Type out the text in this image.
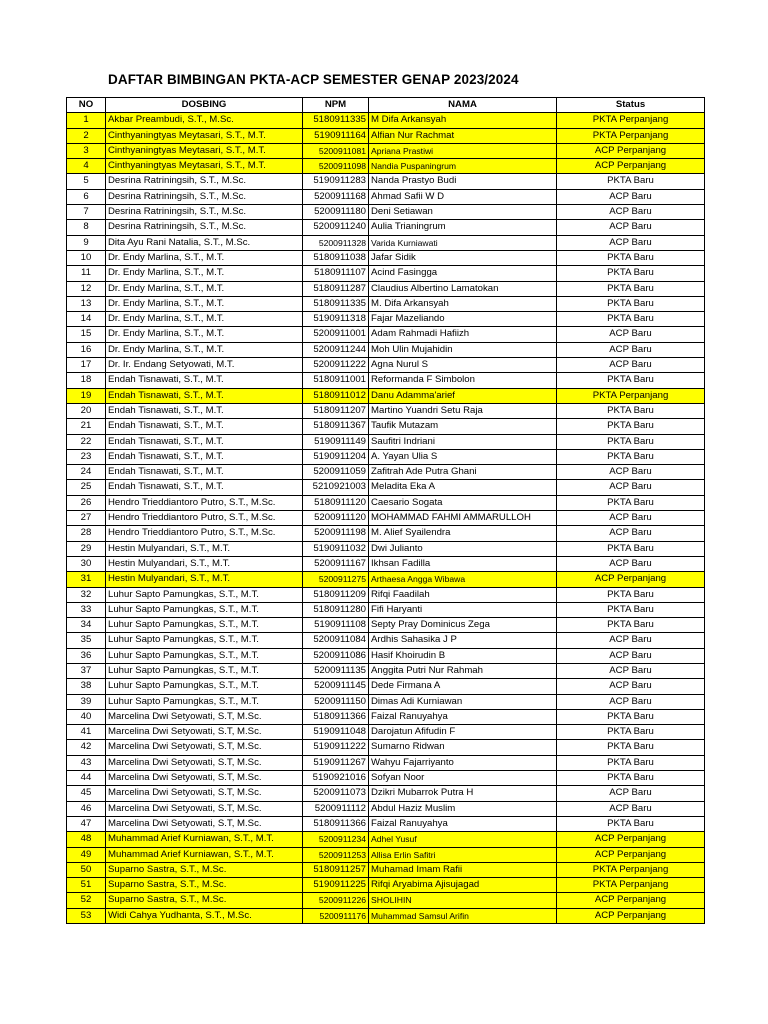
DAFTAR BIMBINGAN PKTA-ACP SEMESTER GENAP 2023/2024
NO	DOSBING	NPM	NAMA	Status
1	Akbar Preambudi, S.T., M.Sc.	5180911335	M Difa Arkansyah	PKTA Perpanjang
2	Cinthyaningtyas Meytasari, S.T., M.T.	5190911164	Alfian Nur Rachmat	PKTA Perpanjang
3	Cinthyaningtyas Meytasari, S.T., M.T.	5200911081	Apriana Prastiwi	ACP Perpanjang
4	Cinthyaningtyas Meytasari, S.T., M.T.	5200911098	Nandia Puspaningrum	ACP Perpanjang
5	Desrina Ratriningsih, S.T., M.Sc.	5190911283	Nanda Prastyo Budi	PKTA Baru
6	Desrina Ratriningsih, S.T., M.Sc.	5200911168	Ahmad Safii W D	ACP Baru
7	Desrina Ratriningsih, S.T., M.Sc.	5200911180	Deni Setiawan	ACP Baru
8	Desrina Ratriningsih, S.T., M.Sc.	5200911240	Aulia Trianingrum	ACP Baru
9	Dita Ayu Rani Natalia, S.T., M.Sc.	5200911328	Varida Kurniawati	ACP Baru
10	Dr. Endy Marlina, S.T., M.T.	5180911038	Jafar Sidik	PKTA Baru
11	Dr. Endy Marlina, S.T., M.T.	5180911107	Acind Fasingga	PKTA Baru
12	Dr. Endy Marlina, S.T., M.T.	5180911287	Claudius Albertino Lamatokan	PKTA Baru
13	Dr. Endy Marlina, S.T., M.T.	5180911335	M. Difa Arkansyah	PKTA Baru
14	Dr. Endy Marlina, S.T., M.T.	5190911318	Fajar Mazeliando	PKTA Baru
15	Dr. Endy Marlina, S.T., M.T.	5200911001	Adam Rahmadi Hafiizh	ACP Baru
16	Dr. Endy Marlina, S.T., M.T.	5200911244	Moh Ulin Mujahidin	ACP Baru
17	Dr. Ir. Endang Setyowati, M.T.	5200911222	Agna Nurul S	ACP Baru
18	Endah Tisnawati, S.T., M.T.	5180911001	Reformanda F Simbolon	PKTA Baru
19	Endah Tisnawati, S.T., M.T.	5180911012	Danu Adamma'arief	PKTA Perpanjang
20	Endah Tisnawati, S.T., M.T.	5180911207	Martino Yuandri Setu Raja	PKTA Baru
21	Endah Tisnawati, S.T., M.T.	5180911367	Taufik Mutazam	PKTA Baru
22	Endah Tisnawati, S.T., M.T.	5190911149	Saufitri Indriani	PKTA Baru
23	Endah Tisnawati, S.T., M.T.	5190911204	A. Yayan Ulia S	PKTA Baru
24	Endah Tisnawati, S.T., M.T.	5200911059	Zafitrah Ade Putra Ghani	ACP Baru
25	Endah Tisnawati, S.T., M.T.	5210921003	Meladita Eka A	ACP Baru
26	Hendro Trieddiantoro Putro, S.T., M.Sc.	5180911120	Caesario Sogata	PKTA Baru
27	Hendro Trieddiantoro Putro, S.T., M.Sc.	5200911120	MOHAMMAD FAHMI AMMARULLOH	ACP Baru
28	Hendro Trieddiantoro Putro, S.T., M.Sc.	5200911198	M. Alief Syailendra	ACP Baru
29	Hestin Mulyandari, S.T., M.T.	5190911032	Dwi Julianto	PKTA Baru
30	Hestin Mulyandari, S.T., M.T.	5200911167	Ikhsan Fadilla	ACP Baru
31	Hestin Mulyandari, S.T., M.T.	5200911275	Arthaesa Angga Wibawa	ACP Perpanjang
32	Luhur Sapto Pamungkas, S.T., M.T.	5180911209	Rifqi Faadilah	PKTA Baru
33	Luhur Sapto Pamungkas, S.T., M.T.	5180911280	Fifi Haryanti	PKTA Baru
34	Luhur Sapto Pamungkas, S.T., M.T.	5190911108	Septy Pray Dominicus Zega	PKTA Baru
35	Luhur Sapto Pamungkas, S.T., M.T.	5200911084	Ardhis Sahasika J P	ACP Baru
36	Luhur Sapto Pamungkas, S.T., M.T.	5200911086	Hasif Khoirudin B	ACP Baru
37	Luhur Sapto Pamungkas, S.T., M.T.	5200911135	Anggita Putri Nur Rahmah	ACP Baru
38	Luhur Sapto Pamungkas, S.T., M.T.	5200911145	Dede Firmana A	ACP Baru
39	Luhur Sapto Pamungkas, S.T., M.T.	5200911150	Dimas Adi Kurniawan	ACP Baru
40	Marcelina Dwi Setyowati, S.T, M.Sc.	5180911366	Faizal Ranuyahya	PKTA Baru
41	Marcelina Dwi Setyowati, S.T, M.Sc.	5190911048	Darojatun Afifudin F	PKTA Baru
42	Marcelina Dwi Setyowati, S.T, M.Sc.	5190911222	Sumarno Ridwan	PKTA Baru
43	Marcelina Dwi Setyowati, S.T, M.Sc.	5190911267	Wahyu Fajarriyanto	PKTA Baru
44	Marcelina Dwi Setyowati, S.T, M.Sc.	5190921016	Sofyan Noor	PKTA Baru
45	Marcelina Dwi Setyowati, S.T, M.Sc.	5200911073	Dzikri Mubarrok Putra H	ACP Baru
46	Marcelina Dwi Setyowati, S.T, M.Sc.	5200911112	Abdul Haziz Muslim	ACP Baru
47	Marcelina Dwi Setyowati, S.T, M.Sc.	5180911366	Faizal Ranuyahya	PKTA Baru
48	Muhammad Arief Kurniawan, S.T., M.T.	5200911234	Adhel Yusuf	ACP Perpanjang
49	Muhammad Arief Kurniawan, S.T., M.T.	5200911253	Allisa Erlin Safitri	ACP Perpanjang
50	Suparno Sastra, S.T., M.Sc.	5180911257	Muhamad Imam Rafii	PKTA Perpanjang
51	Suparno Sastra, S.T., M.Sc.	5190911225	Rifqi Aryabima Ajisujagad	PKTA Perpanjang
52	Suparno Sastra, S.T., M.Sc.	5200911226	SHOLIHIN	ACP Perpanjang
53	Widi Cahya Yudhanta, S.T., M.Sc.	5200911176	Muhammad Samsul Arifin	ACP Perpanjang
